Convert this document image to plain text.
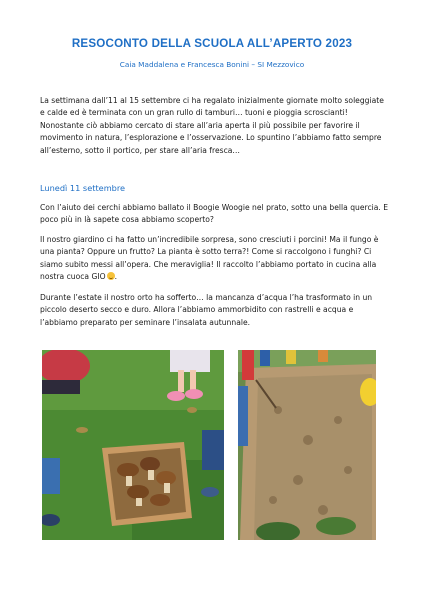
RESOCONTO DELLA SCUOLA ALL’APERTO 2023
Caia Maddalena e Francesca Bonini – SI Mezzovico

La settimana dall’11 al 15 settembre ci ha regalato inizialmente giornate molto soleggiate e calde ed è terminata con un gran rullo di tamburi… tuoni e pioggia scroscianti! Nonostante ciò abbiamo cercato di stare all’aria aperta il più possibile per favorire il movimento in natura, l’esplorazione e l’osservazione. Lo spuntino l’abbiamo fatto sempre all’esterno, sotto il portico, per stare all’aria fresca…

Lunedì 11 settembre

Con l’aiuto dei cerchi abbiamo ballato il Boogie Woogie nel prato, sotto una bella quercia. E poco più in là sapete cosa abbiamo scoperto?

Il nostro giardino ci ha fatto un’incredibile sorpresa, sono cresciuti i porcini! Ma il fungo è una pianta? Oppure un frutto? La pianta è sotto terra?! Come si raccolgono i funghi? Ci siamo subito messi all’opera. Che meraviglia! Il raccolto l’abbiamo portato in cucina alla nostra cuoca GIO .

Durante l’estate il nostro orto ha sofferto… la mancanza d’acqua l’ha trasformato in un piccolo deserto secco e duro. Allora l’abbiamo ammorbidito con rastrelli e acqua e l’abbiamo preparato per seminare l’insalata autunnale.
